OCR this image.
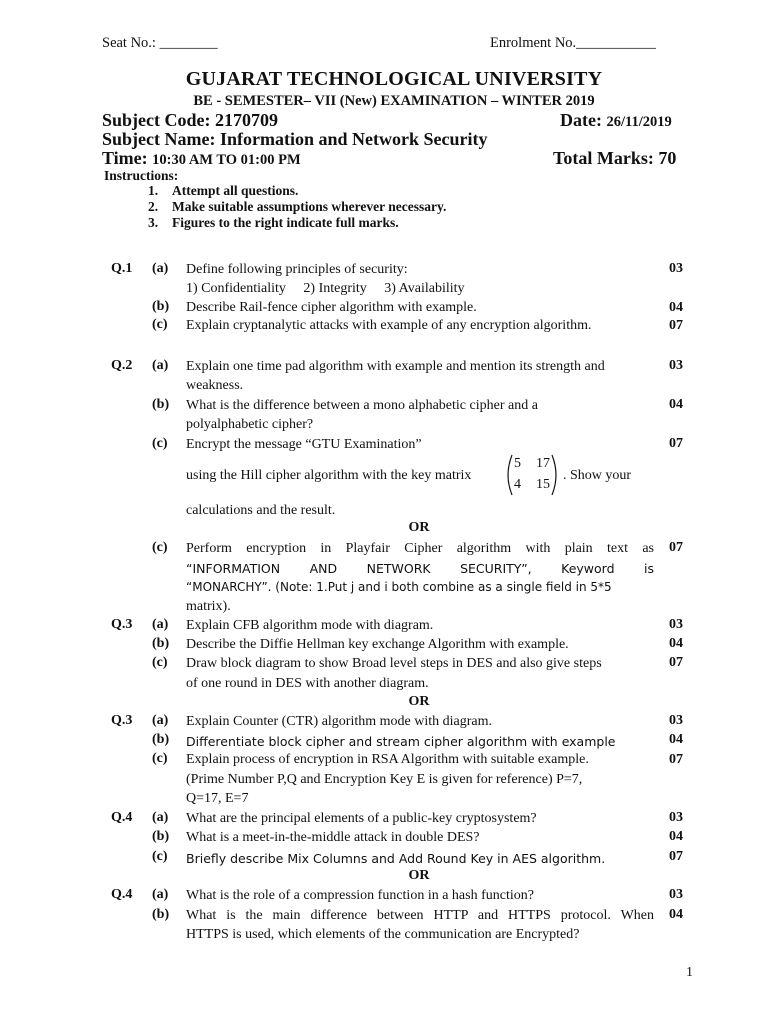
Seat No.: ________	Enrolment No.___________
GUJARAT TECHNOLOGICAL UNIVERSITY
BE - SEMESTER– VII (New) EXAMINATION – WINTER 2019
Subject Code: 2170709	Date: 26/11/2019
Subject Name: Information and Network Security
Time: 10:30 AM TO 01:00 PM	Total Marks: 70
Instructions:
1. Attempt all questions.
2. Make suitable assumptions wherever necessary.
3. Figures to the right indicate full marks.
Q.1 (a) Define following principles of security:
1) Confidentiality     2) Integrity     3) Availability
03
(b) Describe Rail-fence cipher algorithm with example.	04
(c) Explain cryptanalytic attacks with example of any encryption algorithm.	07
Q.2 (a) Explain one time pad algorithm with example and mention its strength and
weakness.
03
(b) What is the difference between a mono alphabetic cipher and a
polyalphabetic cipher?
04
(c) Encrypt the message “GTU Examination”	07
using the Hill cipher algorithm with the key matrix
5 17
4 15
. Show your
calculations and the result.
OR
(c) Perform encryption in Playfair Cipher algorithm with plain text as
“INFORMATION AND NETWORK SECURITY”, Keyword is
“MONARCHY”. (Note: 1.Put j and i both combine as a single field in 5*5
matrix).
07
Q.3 (a) Explain CFB algorithm mode with diagram.	03
(b) Describe the Diffie Hellman key exchange Algorithm with example.	04
(c) Draw block diagram to show Broad level steps in DES and also give steps
of one round in DES with another diagram.
07
OR
Q.3 (a) Explain Counter (CTR) algorithm mode with diagram.	03
(b) Differentiate block cipher and stream cipher algorithm with example	04
(c) Explain process of encryption in RSA Algorithm with suitable example.
(Prime Number P,Q and Encryption Key E is given for reference) P=7,
Q=17, E=7
07
Q.4 (a) What are the principal elements of a public-key cryptosystem?	03
(b) What is a meet-in-the-middle attack in double DES?	04
(c) Briefly describe Mix Columns and Add Round Key in AES algorithm.	07
OR
Q.4 (a) What is the role of a compression function in a hash function?	03
(b) What is the main difference between HTTP and HTTPS protocol. When
HTTPS is used, which elements of the communication are Encrypted?
04
1
